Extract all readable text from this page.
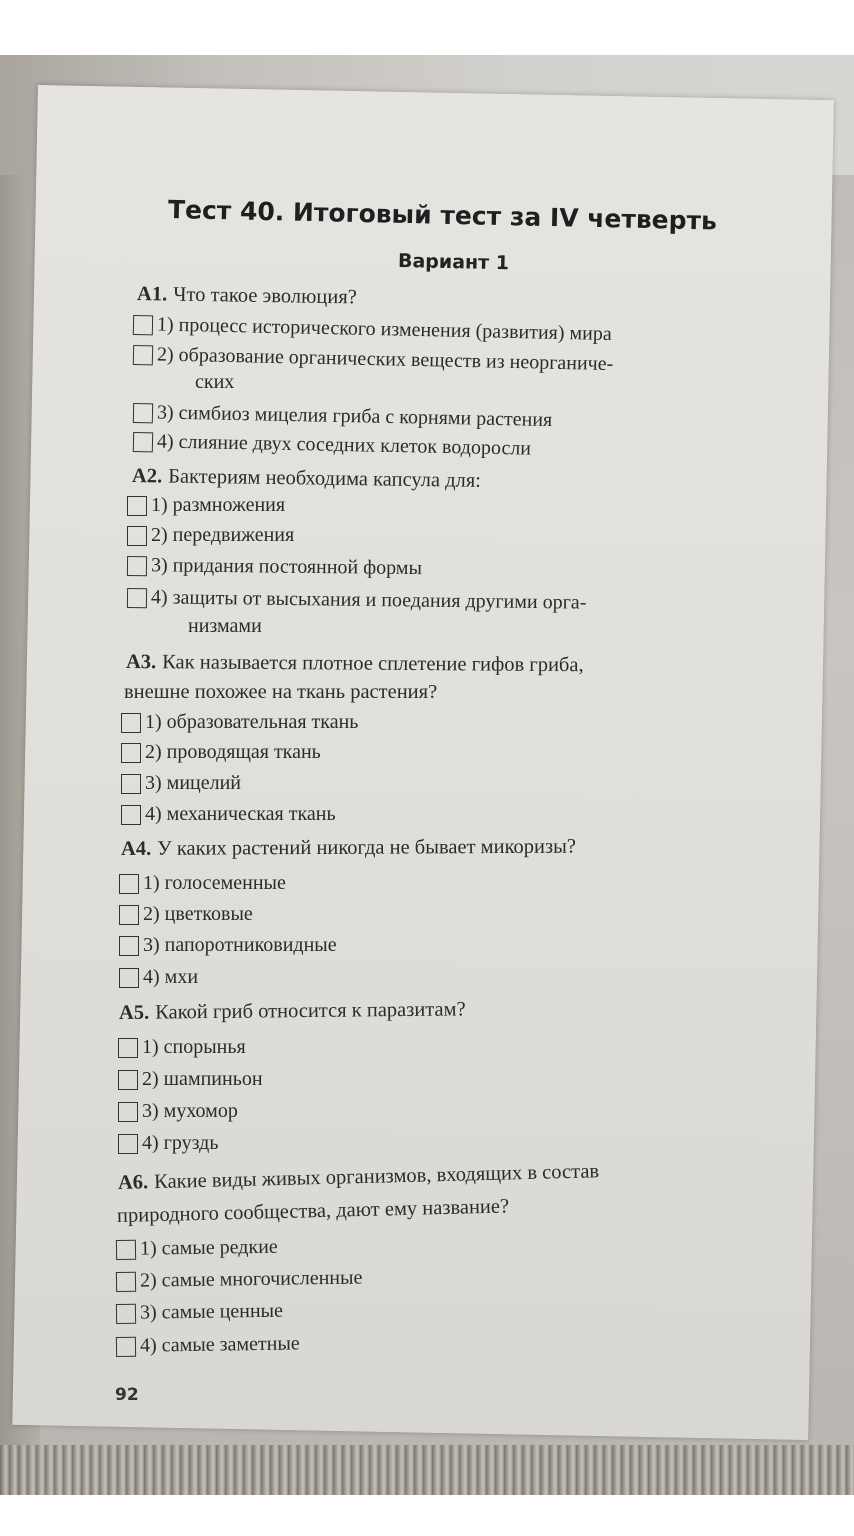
Тест 40. Итоговый тест за IV четверть
Вариант 1
А1. Что такое эволюция?
1) процесс исторического изменения (развития) мира
2) образование органических веществ из неорганиче-
ских
3) симбиоз мицелия гриба с корнями растения
4) слияние двух соседних клеток водоросли
А2. Бактериям необходима капсула для:
1) размножения
2) передвижения
3) придания постоянной формы
4) защиты от высыхания и поедания другими орга-
низмами
А3. Как называется плотное сплетение гифов гриба,
внешне похожее на ткань растения?
1) образовательная ткань
2) проводящая ткань
3) мицелий
4) механическая ткань
А4. У каких растений никогда не бывает микоризы?
1) голосеменные
2) цветковые
3) папоротниковидные
4) мхи
А5. Какой гриб относится к паразитам?
1) спорынья
2) шампиньон
3) мухомор
4) груздь
А6. Какие виды живых организмов, входящих в состав
природного сообщества, дают ему название?
1) самые редкие
2) самые многочисленные
3) самые ценные
4) самые заметные
92
